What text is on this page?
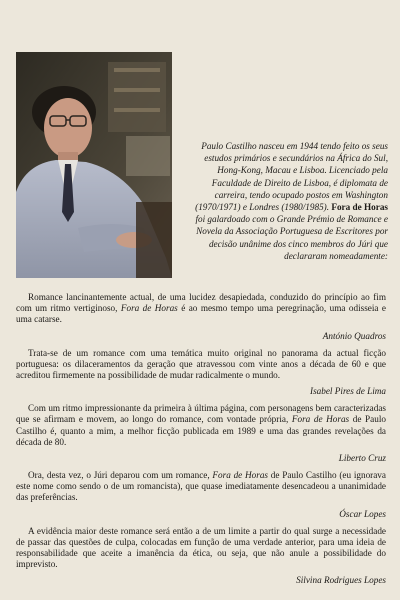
Paulo Castilho nasceu em 1944 tendo feito os seus estudos primários e secundários na África do Sul, Hong-Kong, Macau e Lisboa. Licenciado pela Faculdade de Direito de Lisboa, é diplomata de carreira, tendo ocupado postos em Washington (1970/1971) e Londres (1980/1985). Fora de Horas foi galardoado com o Grande Prémio de Romance e Novela da Associação Portuguesa de Escritores por decisão unânime dos cinco membros do Júri que declararam nomeadamente:

Romance lancinantemente actual, de uma lucidez desapiedada, conduzido do princípio ao fim com um ritmo vertiginoso, Fora de Horas é ao mesmo tempo uma peregrinação, uma odisseia e uma catarse.

António Quadros

Trata-se de um romance com uma temática muito original no panorama da actual ficção portuguesa: os dilaceramentos da geração que atravessou com vinte anos a década de 60 e que acreditou firmemente na possibilidade de mudar radicalmente o mundo.

Isabel Pires de Lima

Com um ritmo impressionante da primeira à última página, com personagens bem caracterizadas que se afirmam e movem, ao longo do romance, com vontade própria, Fora de Horas de Paulo Castilho é, quanto a mim, a melhor ficção publicada em 1989 e uma das grandes revelações da década de 80.

Liberto Cruz

Ora, desta vez, o Júri deparou com um romance, Fora de Horas de Paulo Castilho (eu ignorava este nome como sendo o de um romancista), que quase imediatamente desencadeou a unanimidade das preferências.

Óscar Lopes

A evidência maior deste romance será então a de um limite a partir do qual surge a necessidade de passar das questões de culpa, colocadas em função de uma verdade anterior, para uma ideia de responsabilidade que aceite a imanência da ética, ou seja, que não anule a possibilidade do imprevisto.

Silvina Rodrigues Lopes
